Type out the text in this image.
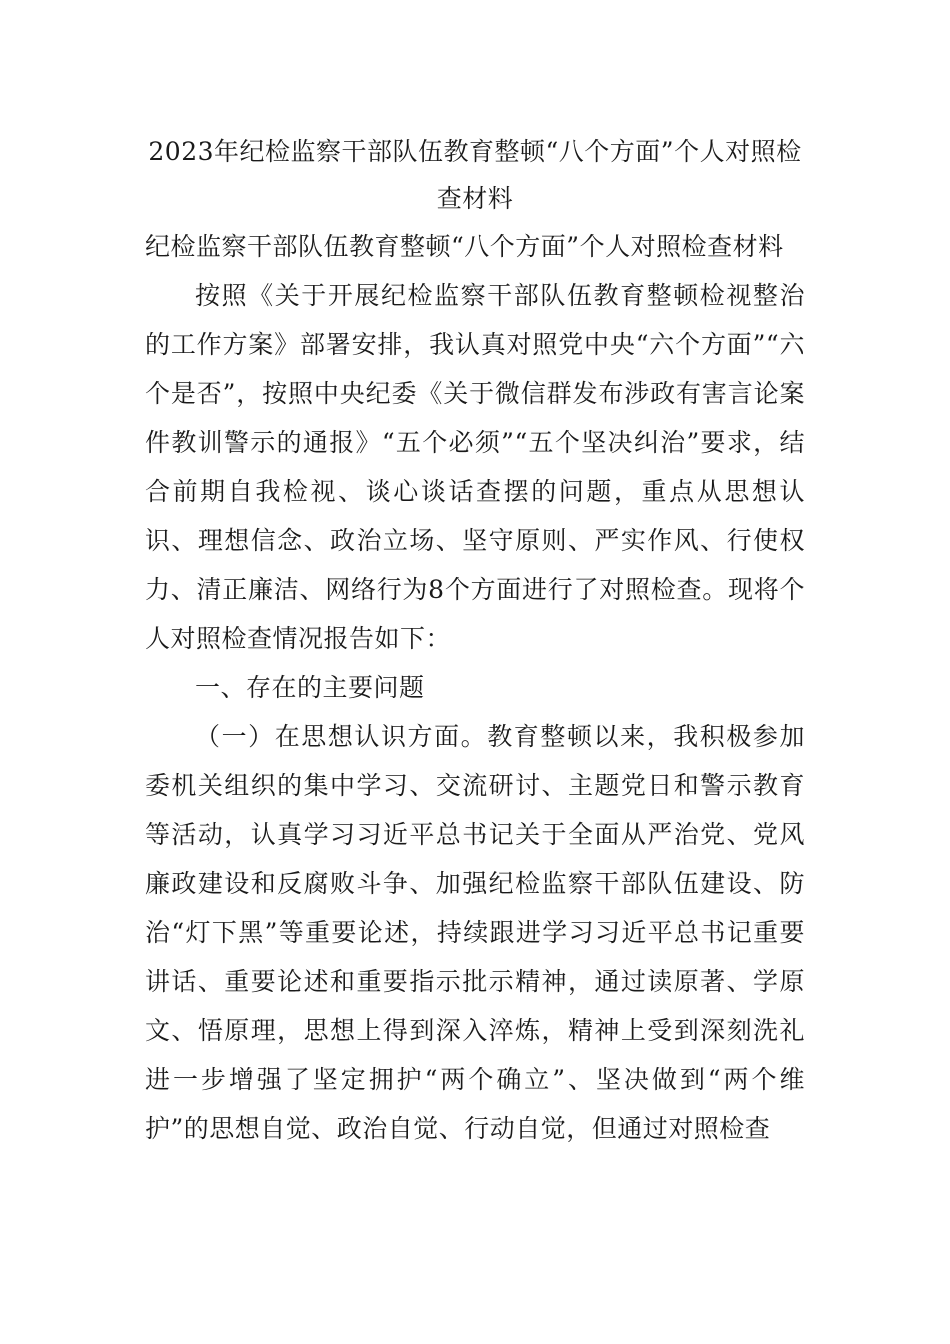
2023年纪检监察干部队伍教育整顿“八个方面”个人对照检查材料

纪检监察干部队伍教育整顿“八个方面”个人对照检查材料

按照《关于开展纪检监察干部队伍教育整顿检视整治的工作方案》部署安排，我认真对照党中央“六个方面”“六个是否”，按照中央纪委《关于微信群发布涉政有害言论案件教训警示的通报》“五个必须”“五个坚决纠治”要求，结合前期自我检视、谈心谈话查摆的问题，重点从思想认识、理想信念、政治立场、坚守原则、严实作风、行使权力、清正廉洁、网络行为8个方面进行了对照检查。现将个人对照检查情况报告如下：

一、存在的主要问题

（一）在思想认识方面。教育整顿以来，我积极参加委机关组织的集中学习、交流研讨、主题党日和警示教育等活动，认真学习习近平总书记关于全面从严治党、党风廉政建设和反腐败斗争、加强纪检监察干部队伍建设、防治“灯下黑”等重要论述，持续跟进学习习近平总书记重要讲话、重要论述和重要指示批示精神，通过读原著、学原文、悟原理，思想上得到深入淬炼，精神上受到深刻洗礼进一步增强了坚定拥护“两个确立”、坚决做到“两个维护”的思想自觉、政治自觉、行动自觉，但通过对照检查
